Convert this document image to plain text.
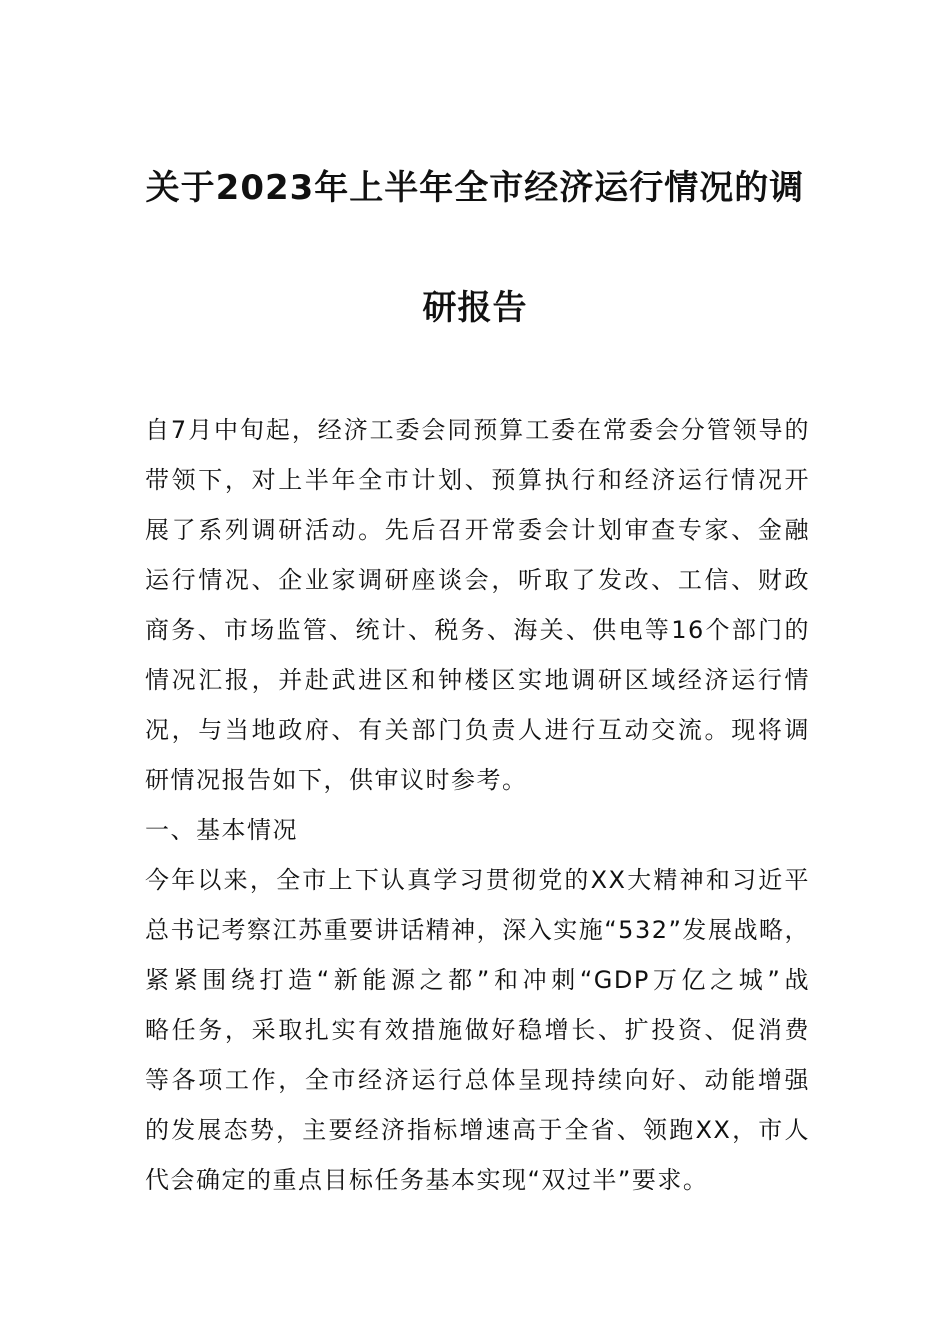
关于2023年上半年全市经济运行情况的调
研报告
自7月中旬起，经济工委会同预算工委在常委会分管领导的
带领下，对上半年全市计划、预算执行和经济运行情况开
展了系列调研活动。先后召开常委会计划审查专家、金融
运行情况、企业家调研座谈会，听取了发改、工信、财政
商务、市场监管、统计、税务、海关、供电等16个部门的
情况汇报，并赴武进区和钟楼区实地调研区域经济运行情
况，与当地政府、有关部门负责人进行互动交流。现将调
研情况报告如下，供审议时参考。
一、基本情况
今年以来，全市上下认真学习贯彻党的XX大精神和习近平
总书记考察江苏重要讲话精神，深入实施“532”发展战略，
紧紧围绕打造“新能源之都”和冲刺“GDP万亿之城”战
略任务，采取扎实有效措施做好稳增长、扩投资、促消费
等各项工作，全市经济运行总体呈现持续向好、动能增强
的发展态势，主要经济指标增速高于全省、领跑XX，市人
代会确定的重点目标任务基本实现“双过半”要求。
